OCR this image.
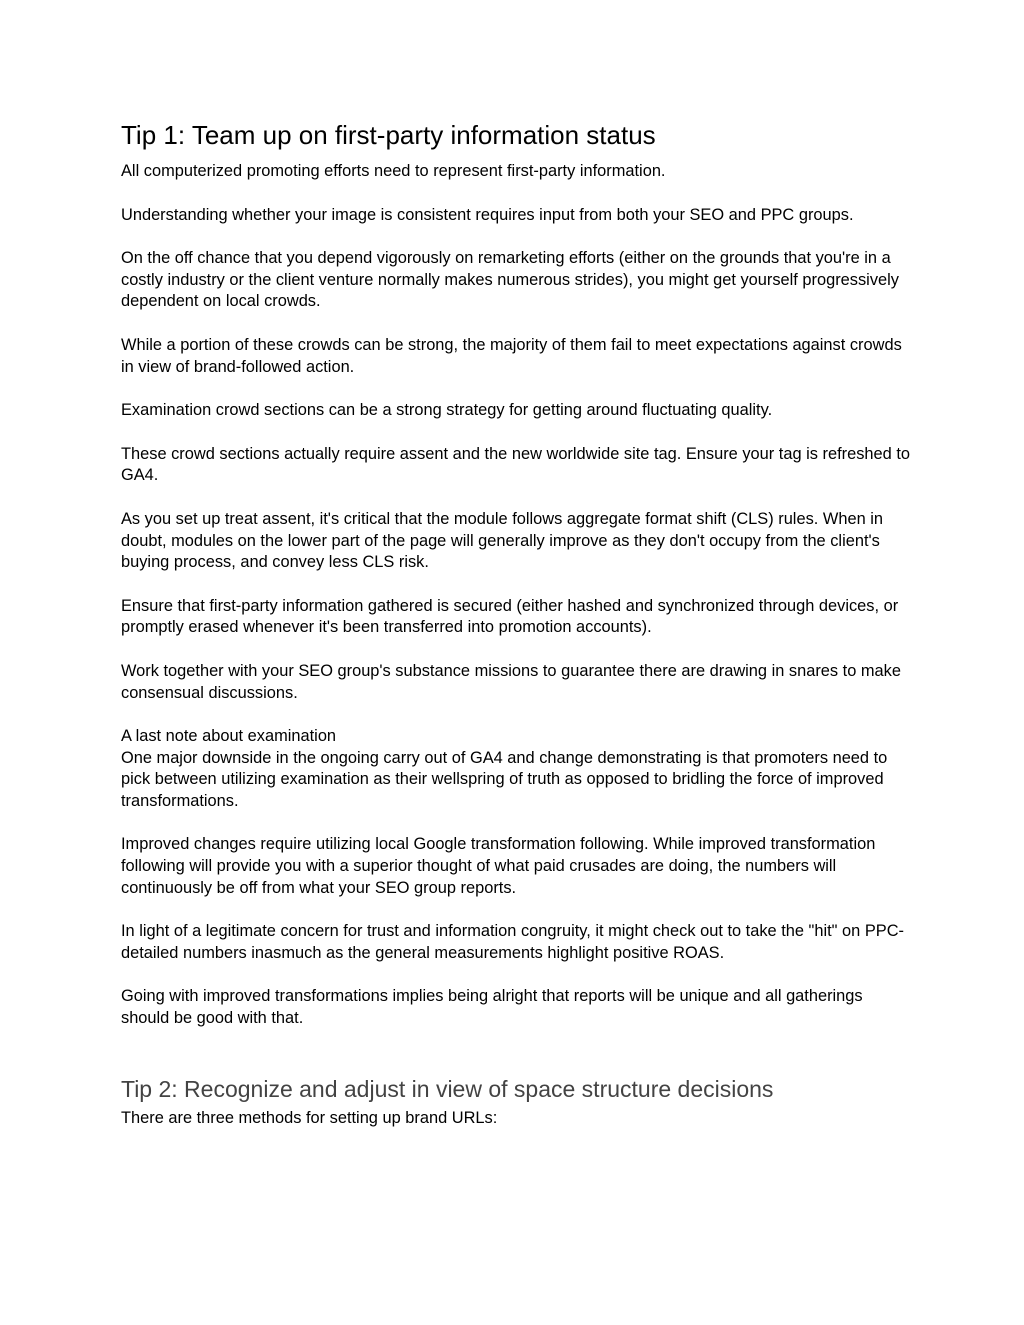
Tip 1: Team up on first-party information status

All computerized promoting efforts need to represent first-party information.

Understanding whether your image is consistent requires input from both your SEO and PPC groups.

On the off chance that you depend vigorously on remarketing efforts (either on the grounds that you're in a costly industry or the client venture normally makes numerous strides), you might get yourself progressively dependent on local crowds.

While a portion of these crowds can be strong, the majority of them fail to meet expectations against crowds in view of brand-followed action.

Examination crowd sections can be a strong strategy for getting around fluctuating quality.

These crowd sections actually require assent and the new worldwide site tag. Ensure your tag is refreshed to GA4.

As you set up treat assent, it's critical that the module follows aggregate format shift (CLS) rules. When in doubt, modules on the lower part of the page will generally improve as they don't occupy from the client's buying process, and convey less CLS risk.

Ensure that first-party information gathered is secured (either hashed and synchronized through devices, or promptly erased whenever it's been transferred into promotion accounts).

Work together with your SEO group's substance missions to guarantee there are drawing in snares to make consensual discussions.

A last note about examination

One major downside in the ongoing carry out of GA4 and change demonstrating is that promoters need to pick between utilizing examination as their wellspring of truth as opposed to bridling the force of improved transformations.

Improved changes require utilizing local Google transformation following. While improved transformation following will provide you with a superior thought of what paid crusades are doing, the numbers will continuously be off from what your SEO group reports.

In light of a legitimate concern for trust and information congruity, it might check out to take the "hit" on PPC-detailed numbers inasmuch as the general measurements highlight positive ROAS.

Going with improved transformations implies being alright that reports will be unique and all gatherings should be good with that.

Tip 2: Recognize and adjust in view of space structure decisions

There are three methods for setting up brand URLs:
